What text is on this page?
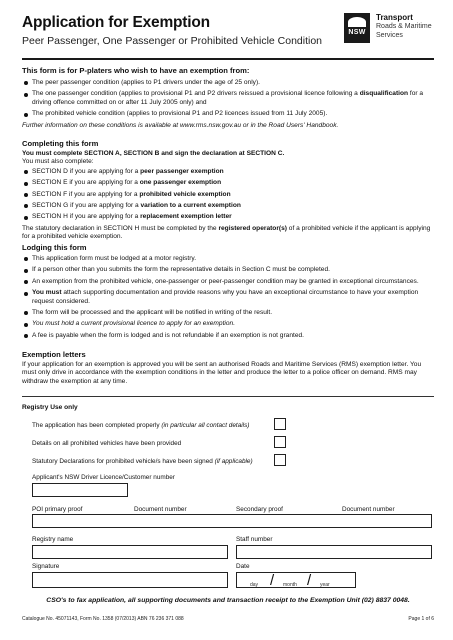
Application for Exemption
Peer Passenger, One Passenger or Prohibited Vehicle Condition
NSW
Transport
Roads & Maritime
Services
This form is for P-platers who wish to have an exemption from:
The peer passenger condition (applies to P1 drivers under the age of 25 only).
The one passenger condition (applies to provisional P1 and P2 drivers reissued a provisional licence following a disqualification for a driving offence committed on or after 11 July 2005 only) and
The prohibited vehicle condition (applies to provisional P1 and P2 licences issued from 11 July 2005).
Further information on these conditions is available at www.rms.nsw.gov.au or in the Road Users' Handbook.
Completing this form
You must complete SECTION A, SECTION B and sign the declaration at SECTION C.
You must also complete:
SECTION D if you are applying for a peer passenger exemption
SECTION E if you are applying for a one passenger exemption
SECTION F if you are applying for a prohibited vehicle exemption
SECTION G if you are applying for a variation to a current exemption
SECTION H if you are applying for a replacement exemption letter
The statutory declaration in SECTION H must be completed by the registered operator(s) of a prohibited vehicle if the applicant is applying for a prohibited vehicle exemption.
Lodging this form
This application form must be lodged at a motor registry.
If a person other than you submits the form the representative details in Section C must be completed.
An exemption from the prohibited vehicle, one-passenger or peer-passenger condition may be granted in exceptional circumstances.
You must attach supporting documentation and provide reasons why you have an exceptional circumstance to have your exemption request considered.
The form will be processed and the applicant will be notified in writing of the result.
You must hold a current provisional licence to apply for an exemption.
A fee is payable when the form is lodged and is not refundable if an exemption is not granted.
Exemption letters
If your application for an exemption is approved you will be sent an authorised Roads and Maritime Services (RMS) exemption letter. You must only drive in accordance with the exemption conditions in the letter and produce the letter to a police officer on demand. RMS may withdraw the exemption at any time.
Registry Use only
The application has been completed properly (in particular all contact details)
Details on all prohibited vehicles have been provided
Statutory Declarations for prohibited vehicle/s have been signed (if applicable)
Applicant's NSW Driver Licence/Customer number
POI primary proof	Document number	Secondary proof	Document number
Registry name	Staff number
Signature	Date
/ /
day	month	year
CSO's to fax application, all supporting documents and transaction receipt to the Exemption Unit (02) 8837 0048.
Catalogue No. 45071143, Form No. 1358 (07/2013) ABN 76 236 371 088	Page 1 of 6
